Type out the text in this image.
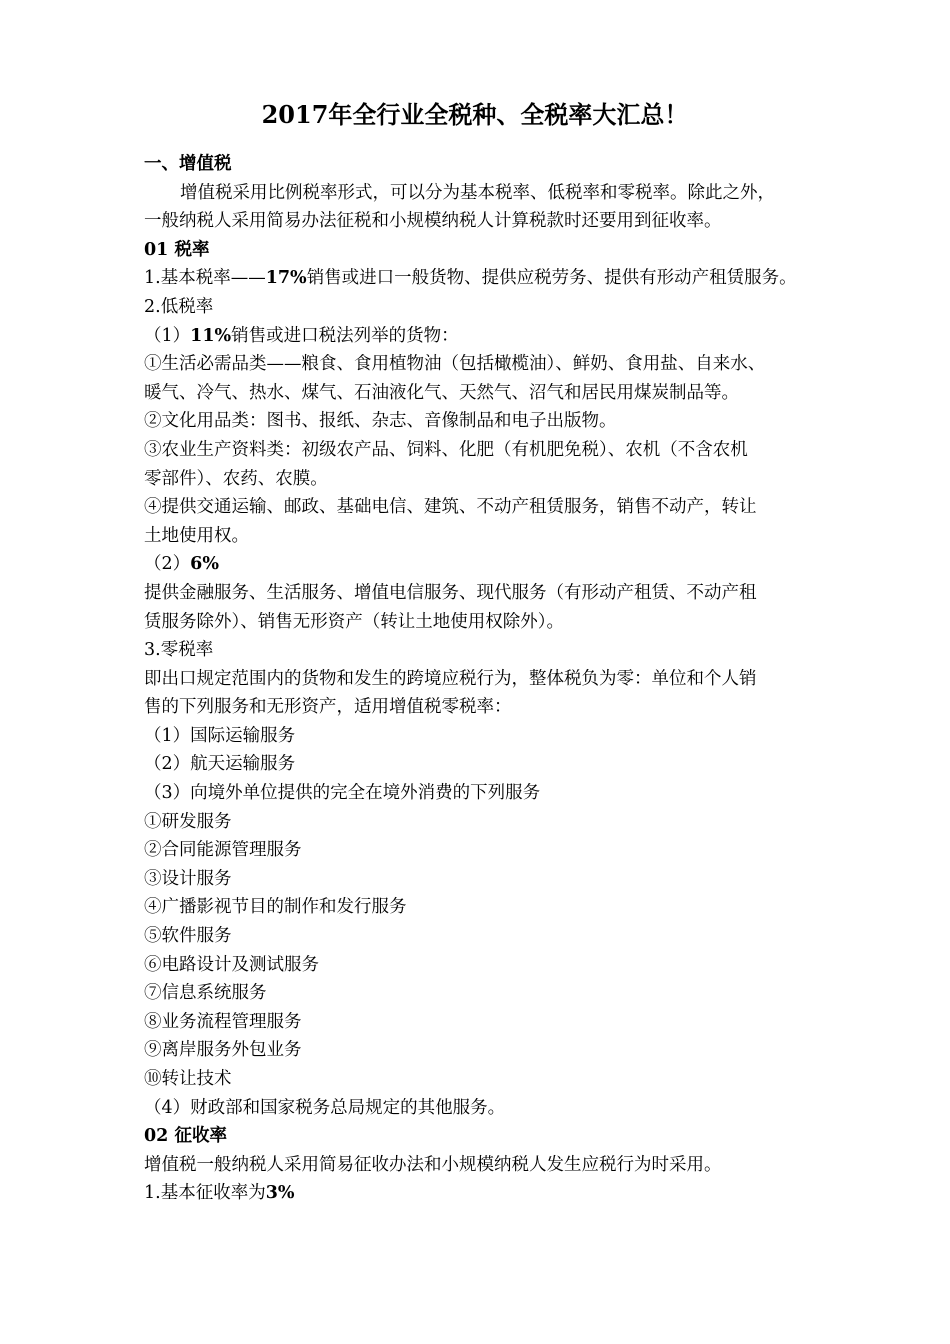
2017年全行业全税种、全税率大汇总！
一、增值税
增值税采用比例税率形式，可以分为基本税率、低税率和零税率。除此之外，
一般纳税人采用简易办法征税和小规模纳税人计算税款时还要用到征收率。
01 税率
1.基本税率——17%销售或进口一般货物、提供应税劳务、提供有形动产租赁服务。
2.低税率
（1）11%销售或进口税法列举的货物：
①生活必需品类——粮食、食用植物油（包括橄榄油）、鲜奶、食用盐、自来水、
暖气、冷气、热水、煤气、石油液化气、天然气、沼气和居民用煤炭制品等。
②文化用品类：图书、报纸、杂志、音像制品和电子出版物。
③农业生产资料类：初级农产品、饲料、化肥（有机肥免税）、农机（不含农机
零部件）、农药、农膜。
④提供交通运输、邮政、基础电信、建筑、不动产租赁服务，销售不动产，转让
土地使用权。
（2）6%
提供金融服务、生活服务、增值电信服务、现代服务（有形动产租赁、不动产租
赁服务除外）、销售无形资产（转让土地使用权除外）。
3.零税率
即出口规定范围内的货物和发生的跨境应税行为，整体税负为零：单位和个人销
售的下列服务和无形资产，适用增值税零税率：
（1）国际运输服务
（2）航天运输服务
（3）向境外单位提供的完全在境外消费的下列服务
①研发服务
②合同能源管理服务
③设计服务
④广播影视节目的制作和发行服务
⑤软件服务
⑥电路设计及测试服务
⑦信息系统服务
⑧业务流程管理服务
⑨离岸服务外包业务
⑩转让技术
（4）财政部和国家税务总局规定的其他服务。
02 征收率
增值税一般纳税人采用简易征收办法和小规模纳税人发生应税行为时采用。
1.基本征收率为3%
